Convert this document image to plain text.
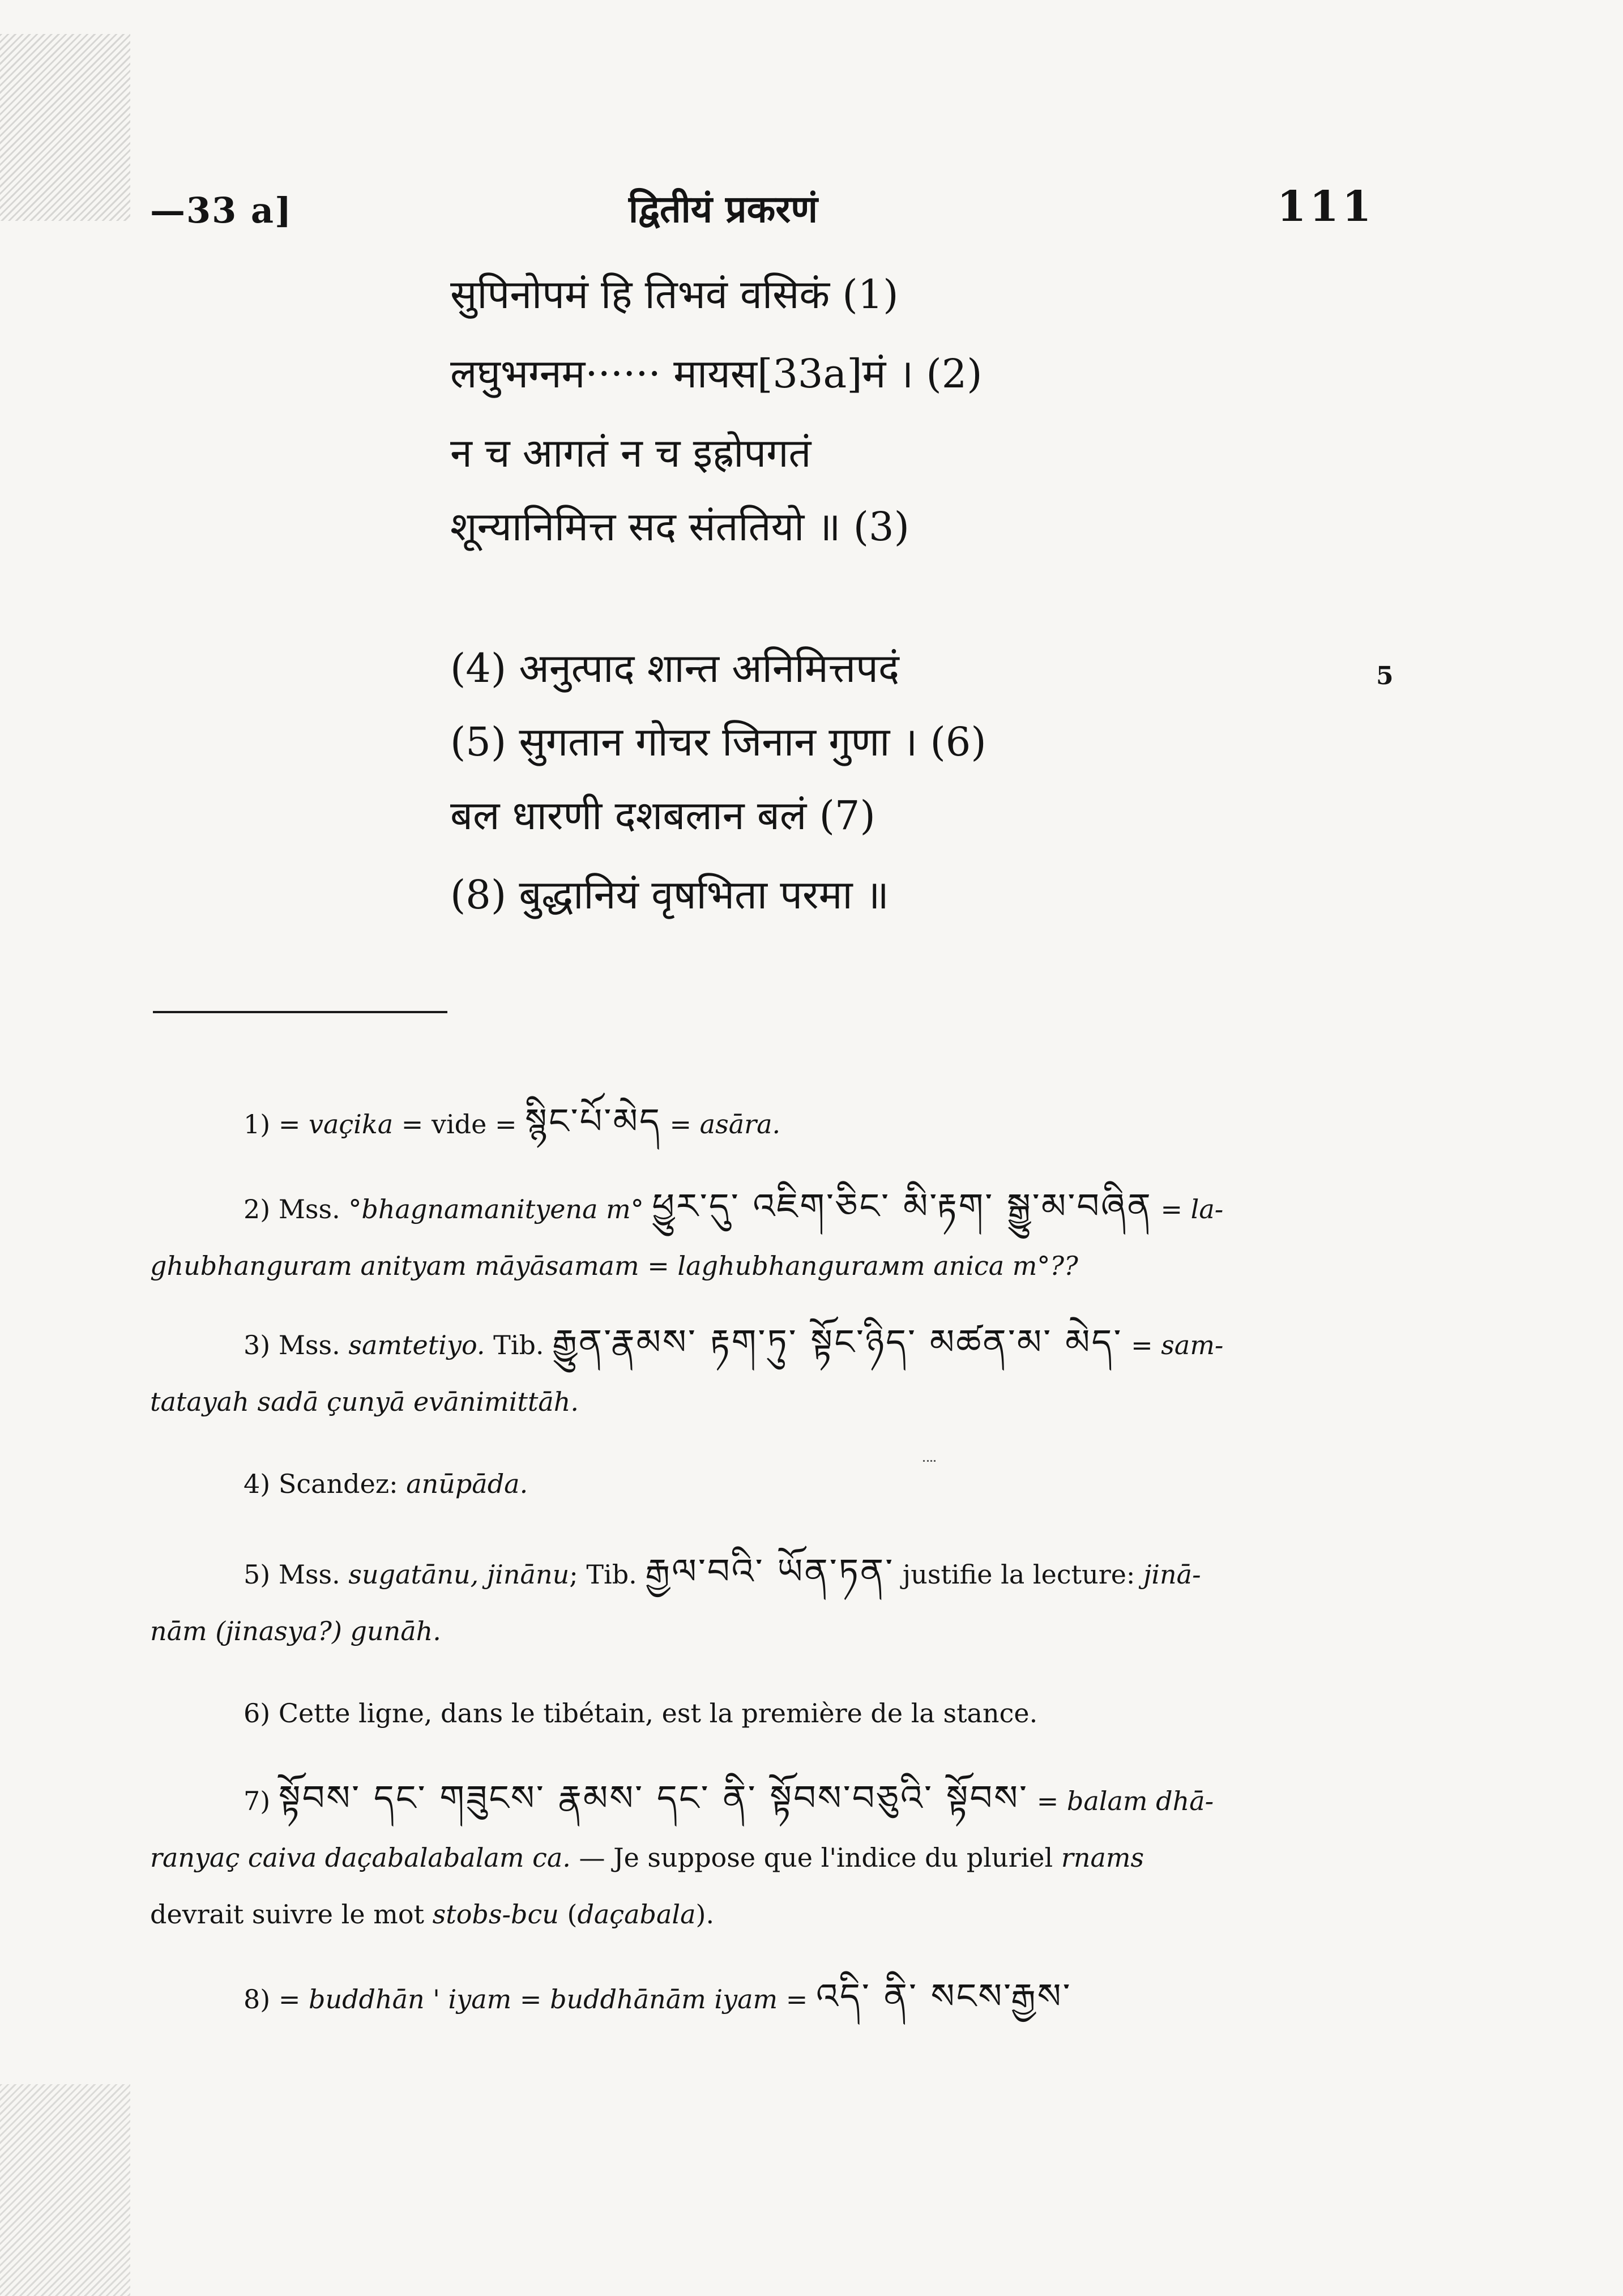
—33 a]	द्वितीयं प्रकरणं	111
सुपिनोपमं हि तिभवं वसिकं (1)
लघुभग्नम······ मायस[33a]मं । (2)
न च आगतं न च इह्रोपगतं
शून्यानिमित्त सद संततियो ॥ (3)
(4) अनुत्पाद शान्त अनिमित्तपदं
(5) सुगतान गोचर जिनान गुणा । (6)
बल धारणी दशबलान बलं (7)
(8) बुद्धानियं वृषभिता परमा ॥
5
1) = vaçika = vide = སྙིང་པོ་མེད = asāra.
2) Mss. °bhagnamanityena m° ཕྱུར་དུ་ འཇིག་ཅིང་ མི་རྟག་ སྒྱུ་མ་བཞིན = la-
ghubhanguram anityam māyāsamam = laghubhangurамm anica m°??
3) Mss. samtetiyo. Tib. རྒྱུན་རྣམས་ རྟག་ཏུ་ སྟོང་ཉིད་ མཚན་མ་ མེད་ = sam-
tatayah sadā çunyā evānimittāh.
4) Scandez: anūpāda.
5) Mss. sugatānu, jinānu; Tib. རྒྱལ་བའི་ ཡོན་ཏན་ justifie la lecture: jinā-
nām (jinasya?) gunāh.
6) Cette ligne, dans le tibétain, est la première de la stance.
7) སྟོབས་ དང་ གཟུངས་ རྣམས་ དང་ ནི་ སྟོབས་བཅུའི་ སྟོབས་ = balam dhā-
ranyaç caiva daçabalabalam ca. — Je suppose que l'indice du pluriel rnams
devrait suivre le mot stobs-bcu (daçabala).
8) = buddhān ' iyam = buddhānām iyam = འདི་ ནི་ སངས་རྒྱས་
